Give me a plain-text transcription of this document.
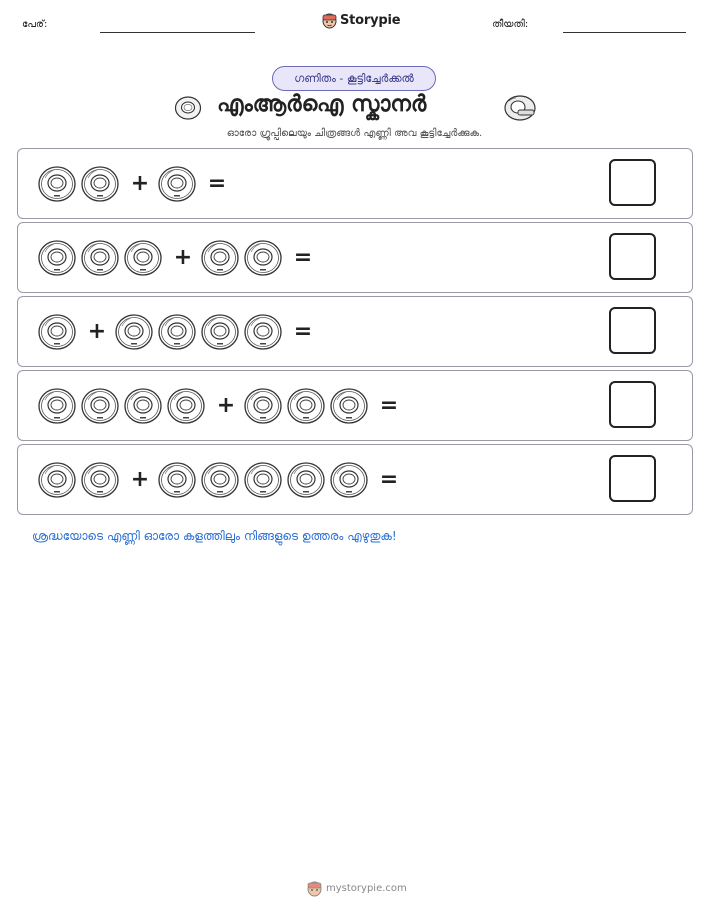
പേര്:	Storypie	തീയതി:
ഗണിതം - കൂട്ടിച്ചേർക്കൽ
എംആർഐ സ്കാനർ
ഓരോ ഗ്രൂപ്പിലെയും ചിത്രങ്ങൾ എണ്ണി അവ കൂട്ടിച്ചേർക്കുക.
+	=
+	=
+	=
+	=
+	=
ശ്രദ്ധയോടെ എണ്ണി ഓരോ കളത്തിലും നിങ്ങളുടെ ഉത്തരം എഴുതുക!
mystorypie.com
